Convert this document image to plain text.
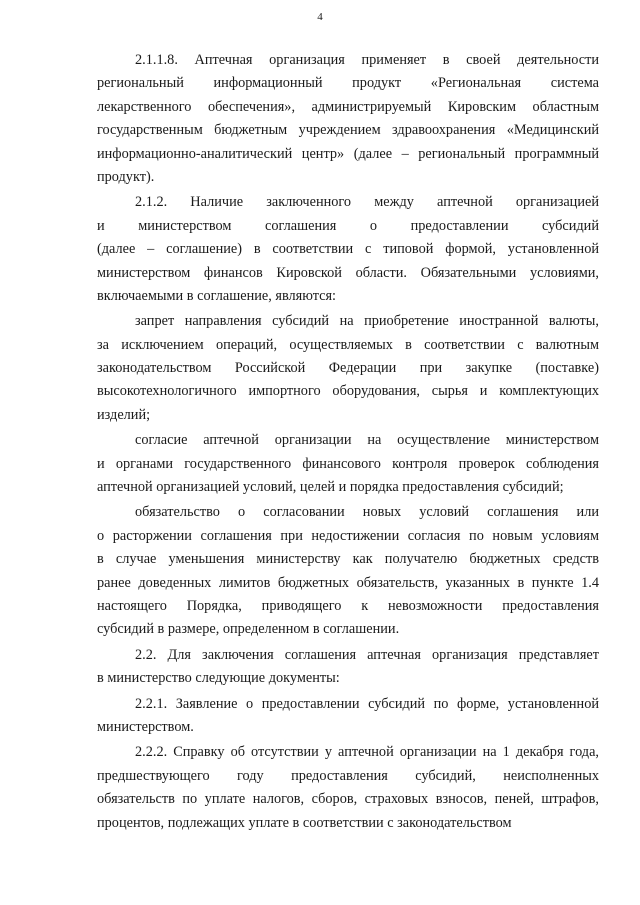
4
2.1.1.8. Аптечная организация применяет в своей деятельности
региональный информационный продукт «Региональная система
лекарственного обеспечения», администрируемый Кировским областным
государственным бюджетным учреждением здравоохранения «Медицинский
информационно-аналитический центр» (далее – региональный программный
продукт).
2.1.2. Наличие заключенного между аптечной организацией
и министерством соглашения о предоставлении субсидий
(далее – соглашение) в соответствии с типовой формой, установленной
министерством финансов Кировской области. Обязательными условиями,
включаемыми в соглашение, являются:
запрет направления субсидий на приобретение иностранной валюты,
за исключением операций, осуществляемых в соответствии с валютным
законодательством Российской Федерации при закупке (поставке)
высокотехнологичного импортного оборудования, сырья и комплектующих
изделий;
согласие аптечной организации на осуществление министерством
и органами государственного финансового контроля проверок соблюдения
аптечной организацией условий, целей и порядка предоставления субсидий;
обязательство о согласовании новых условий соглашения или
о расторжении соглашения при недостижении согласия по новым условиям
в случае уменьшения министерству как получателю бюджетных средств
ранее доведенных лимитов бюджетных обязательств, указанных в пункте 1.4
настоящего Порядка, приводящего к невозможности предоставления
субсидий в размере, определенном в соглашении.
2.2. Для заключения соглашения аптечная организация представляет
в министерство следующие документы:
2.2.1. Заявление о предоставлении субсидий по форме, установленной
министерством.
2.2.2. Справку об отсутствии у аптечной организации на 1 декабря года,
предшествующего году предоставления субсидий, неисполненных
обязательств по уплате налогов, сборов, страховых взносов, пеней, штрафов,
процентов, подлежащих уплате в соответствии с законодательством
